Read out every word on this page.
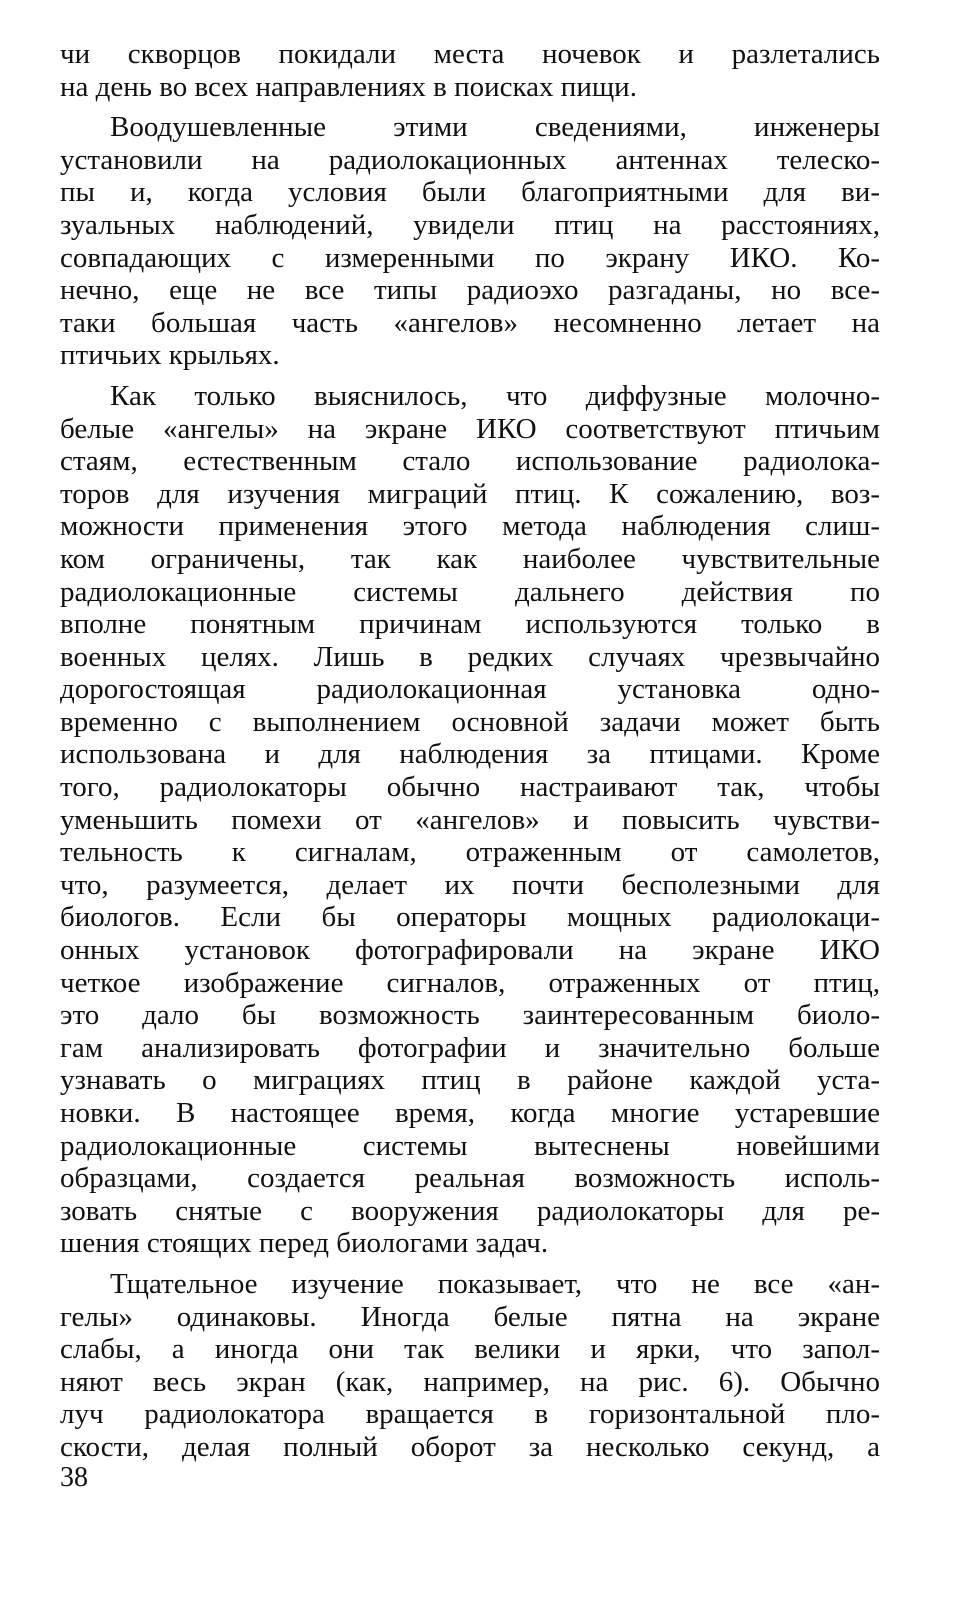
чи скворцов покидали места ночевок и разлетались
на день во всех направлениях в поисках пищи.
Воодушевленные этими сведениями, инженеры
установили на радиолокационных антеннах телеско-
пы и, когда условия были благоприятными для ви-
зуальных наблюдений, увидели птиц на расстояниях,
совпадающих с измеренными по экрану ИКО. Ко-
нечно, еще не все типы радиоэхо разгаданы, но все-
таки большая часть «ангелов» несомненно летает на
птичьих крыльях.
Как только выяснилось, что диффузные молочно-
белые «ангелы» на экране ИКО соответствуют птичьим
стаям, естественным стало использование радиолока-
торов для изучения миграций птиц. К сожалению, воз-
можности применения этого метода наблюдения слиш-
ком ограничены, так как наиболее чувствительные
радиолокационные системы дальнего действия по
вполне понятным причинам используются только в
военных целях. Лишь в редких случаях чрезвычайно
дорогостоящая радиолокационная установка одно-
временно с выполнением основной задачи может быть
использована и для наблюдения за птицами. Кроме
того, радиолокаторы обычно настраивают так, чтобы
уменьшить помехи от «ангелов» и повысить чувстви-
тельность к сигналам, отраженным от самолетов,
что, разумеется, делает их почти бесполезными для
биологов. Если бы операторы мощных радиолокаци-
онных установок фотографировали на экране ИКО
четкое изображение сигналов, отраженных от птиц,
это дало бы возможность заинтересованным биоло-
гам анализировать фотографии и значительно больше
узнавать о миграциях птиц в районе каждой уста-
новки. В настоящее время, когда многие устаревшие
радиолокационные системы вытеснены новейшими
образцами, создается реальная возможность исполь-
зовать снятые с вооружения радиолокаторы для ре-
шения стоящих перед биологами задач.
Тщательное изучение показывает, что не все «ан-
гелы» одинаковы. Иногда белые пятна на экране
слабы, а иногда они так велики и ярки, что запол-
няют весь экран (как, например, на рис. 6). Обычно
луч радиолокатора вращается в горизонтальной пло-
скости, делая полный оборот за несколько секунд, а
38
